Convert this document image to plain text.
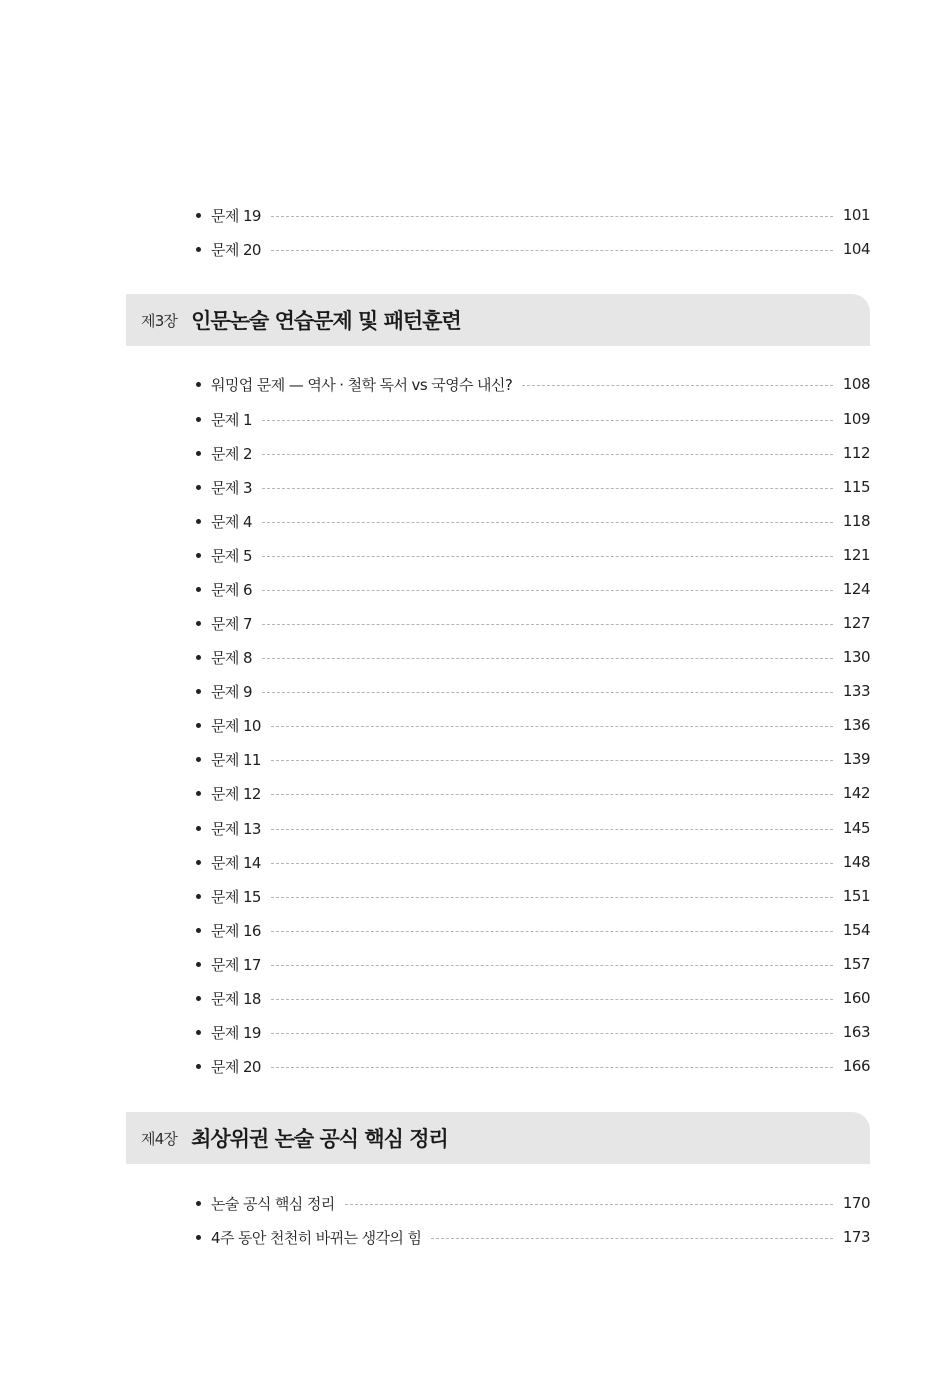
문제 19	101
문제 20	104
제3장 인문논술 연습문제 및 패턴훈련
워밍업 문제 — 역사 · 철학 독서 vs 국영수 내신?	108
문제 1	109
문제 2	112
문제 3	115
문제 4	118
문제 5	121
문제 6	124
문제 7	127
문제 8	130
문제 9	133
문제 10	136
문제 11	139
문제 12	142
문제 13	145
문제 14	148
문제 15	151
문제 16	154
문제 17	157
문제 18	160
문제 19	163
문제 20	166
제4장 최상위권 논술 공식 핵심 정리
논술 공식 핵심 정리	170
4주 동안 천천히 바뀌는 생각의 힘	173
